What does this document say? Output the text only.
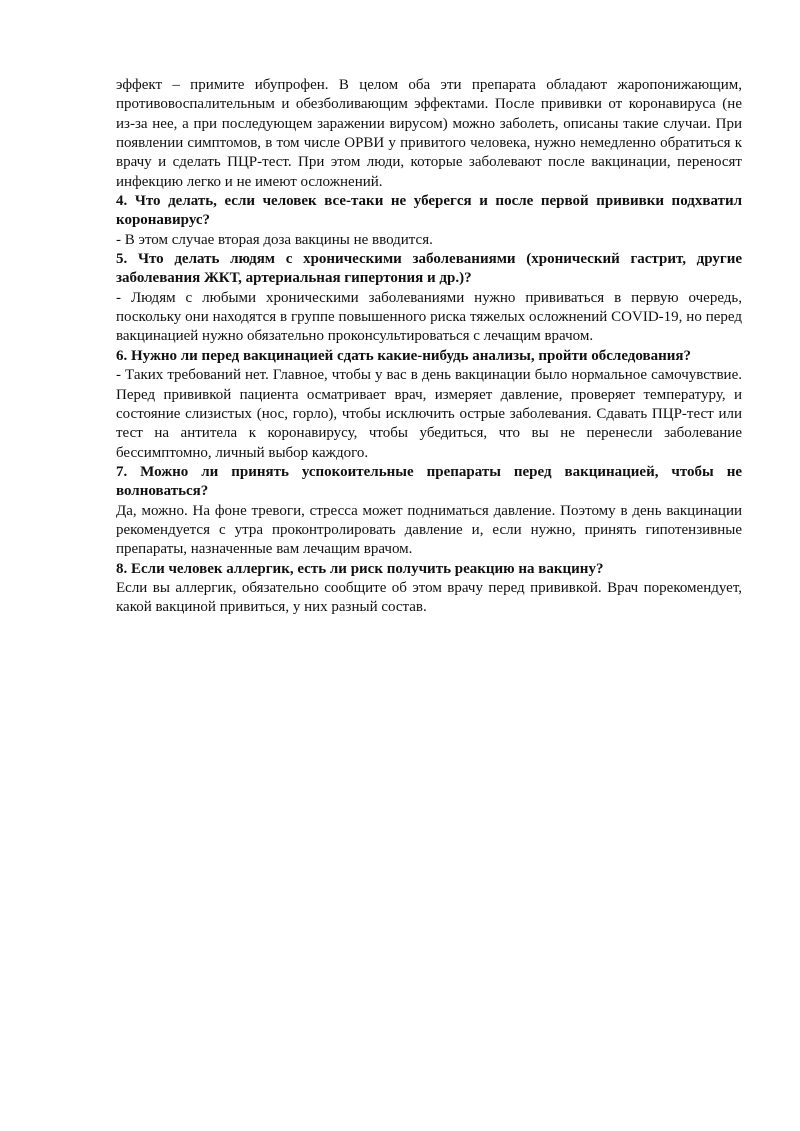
эффект – примите ибупрофен. В целом оба эти препарата обладают жаропонижающим, противовоспалительным и обезболивающим эффектами. После прививки от коронавируса (не из-за нее, а при последующем заражении вирусом) можно заболеть, описаны такие случаи. При появлении симптомов, в том числе ОРВИ у привитого человека, нужно немедленно обратиться к врачу и сделать ПЦР-тест. При этом люди, которые заболевают после вакцинации, переносят инфекцию легко и не имеют осложнений.

4. Что делать, если человек все-таки не уберегся и после первой прививки подхватил коронавирус?

- В этом случае вторая доза вакцины не вводится.

5. Что делать людям с хроническими заболеваниями (хронический гастрит, другие заболевания ЖКТ, артериальная гипертония и др.)?

- Людям с любыми хроническими заболеваниями нужно прививаться в первую очередь, поскольку они находятся в группе повышенного риска тяжелых осложнений COVID-19, но перед вакцинацией нужно обязательно проконсультироваться с лечащим врачом.

6. Нужно ли перед вакцинацией сдать какие-нибудь анализы, пройти обследования?

- Таких требований нет. Главное, чтобы у вас в день вакцинации было нормальное самочувствие. Перед прививкой пациента осматривает врач, измеряет давление, проверяет температуру, и состояние слизистых (нос, горло), чтобы исключить острые заболевания. Сдавать ПЦР-тест или тест на антитела к коронавирусу, чтобы убедиться, что вы не перенесли заболевание бессимптомно, личный выбор каждого.

7. Можно ли принять успокоительные препараты перед вакцинацией, чтобы не волноваться?

Да, можно. На фоне тревоги, стресса может подниматься давление. Поэтому в день вакцинации рекомендуется с утра проконтролировать давление и, если нужно, принять гипотензивные препараты, назначенные вам лечащим врачом.

8. Если человек аллергик, есть ли риск получить реакцию на вакцину?

Если вы аллергик, обязательно сообщите об этом врачу перед прививкой. Врач порекомендует, какой вакциной привиться, у них разный состав.
